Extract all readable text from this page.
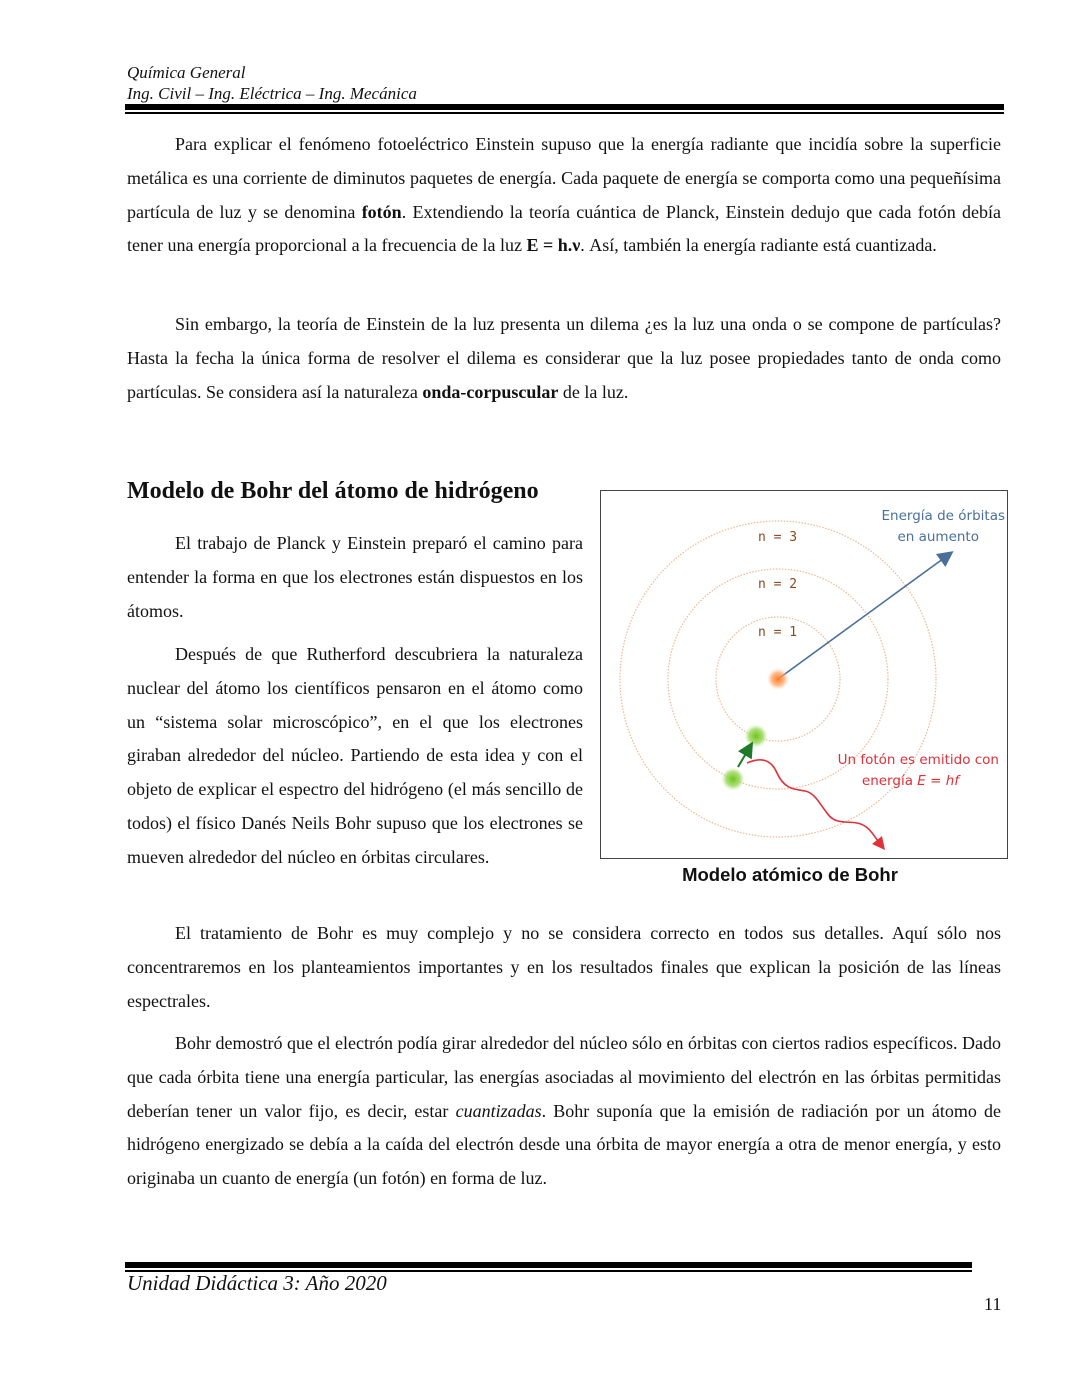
Química General
Ing. Civil – Ing. Eléctrica – Ing. Mecánica
Para explicar el fenómeno fotoeléctrico Einstein supuso que la energía radiante que incidía sobre la superficie metálica es una corriente de diminutos paquetes de energía. Cada paquete de energía se comporta como una pequeñísima partícula de luz y se denomina fotón. Extendiendo la teoría cuántica de Planck, Einstein dedujo que cada fotón debía tener una energía proporcional a la frecuencia de la luz E = h.ν. Así, también la energía radiante está cuantizada.
Sin embargo, la teoría de Einstein de la luz presenta un dilema ¿es la luz una onda o se compone de partículas? Hasta la fecha la única forma de resolver el dilema es considerar que la luz posee propiedades tanto de onda como partículas. Se considera así la naturaleza onda-corpuscular de la luz.
Modelo de Bohr del átomo de hidrógeno
El trabajo de Planck y Einstein preparó el camino para entender la forma en que los electrones están dispuestos en los átomos.
Después de que Rutherford descubriera la naturaleza nuclear del átomo los científicos pensaron en el átomo como un “sistema solar microscópico”, en el que los electrones giraban alrededor del núcleo. Partiendo de esta idea y con el objeto de explicar el espectro del hidrógeno (el más sencillo de todos) el físico Danés Neils Bohr supuso que los electrones se mueven alrededor del núcleo en órbitas circulares.
n = 1
n = 2
n = 3
Energía de órbitas
en aumento
Un fotón es emitido con
energía E = hf
Modelo atómico de Bohr
El tratamiento de Bohr es muy complejo y no se considera correcto en todos sus detalles. Aquí sólo nos concentraremos en los planteamientos importantes y en los resultados finales que explican la posición de las líneas espectrales.
Bohr demostró que el electrón podía girar alrededor del núcleo sólo en órbitas con ciertos radios específicos. Dado que cada órbita tiene una energía particular, las energías asociadas al movimiento del electrón en las órbitas permitidas deberían tener un valor fijo, es decir, estar cuantizadas. Bohr suponía que la emisión de radiación por un átomo de hidrógeno energizado se debía a la caída del electrón desde una órbita de mayor energía a otra de menor energía, y esto originaba un cuanto de energía (un fotón) en forma de luz.
Unidad Didáctica 3: Año 2020
11
